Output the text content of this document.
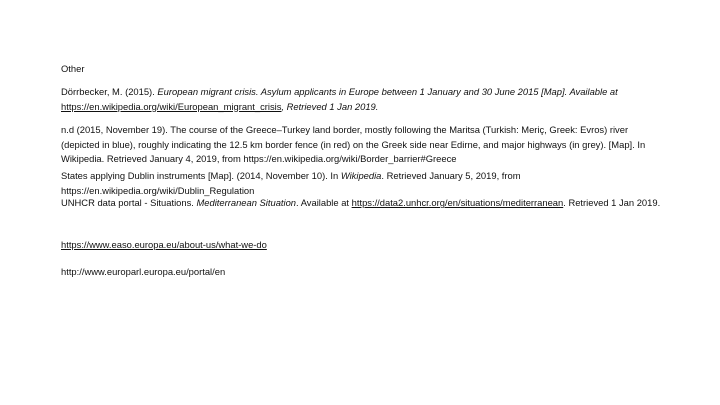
Other

Dörrbecker, M. (2015). European migrant crisis. Asylum applicants in Europe between 1 January and 30 June 2015 [Map]. Available at https://en.wikipedia.org/wiki/European_migrant_crisis, Retrieved 1 Jan 2019.

n.d (2015, November 19). The course of the Greece–Turkey land border, mostly following the Maritsa (Turkish: Meriç, Greek: Evros) river (depicted in blue), roughly indicating the 12.5 km border fence (in red) on the Greek side near Edirne, and major highways (in grey). [Map]. In Wikipedia. Retrieved January 4, 2019, from https://en.wikipedia.org/wiki/Border_barrier#Greece

States applying Dublin instruments [Map]. (2014, November 10). In Wikipedia. Retrieved January 5, 2019, from https://en.wikipedia.org/wiki/Dublin_Regulation

UNHCR data portal - Situations. Mediterranean Situation. Available at https://data2.unhcr.org/en/situations/mediterranean. Retrieved 1 Jan 2019.

https://www.easo.europa.eu/about-us/what-we-do

http://www.europarl.europa.eu/portal/en
